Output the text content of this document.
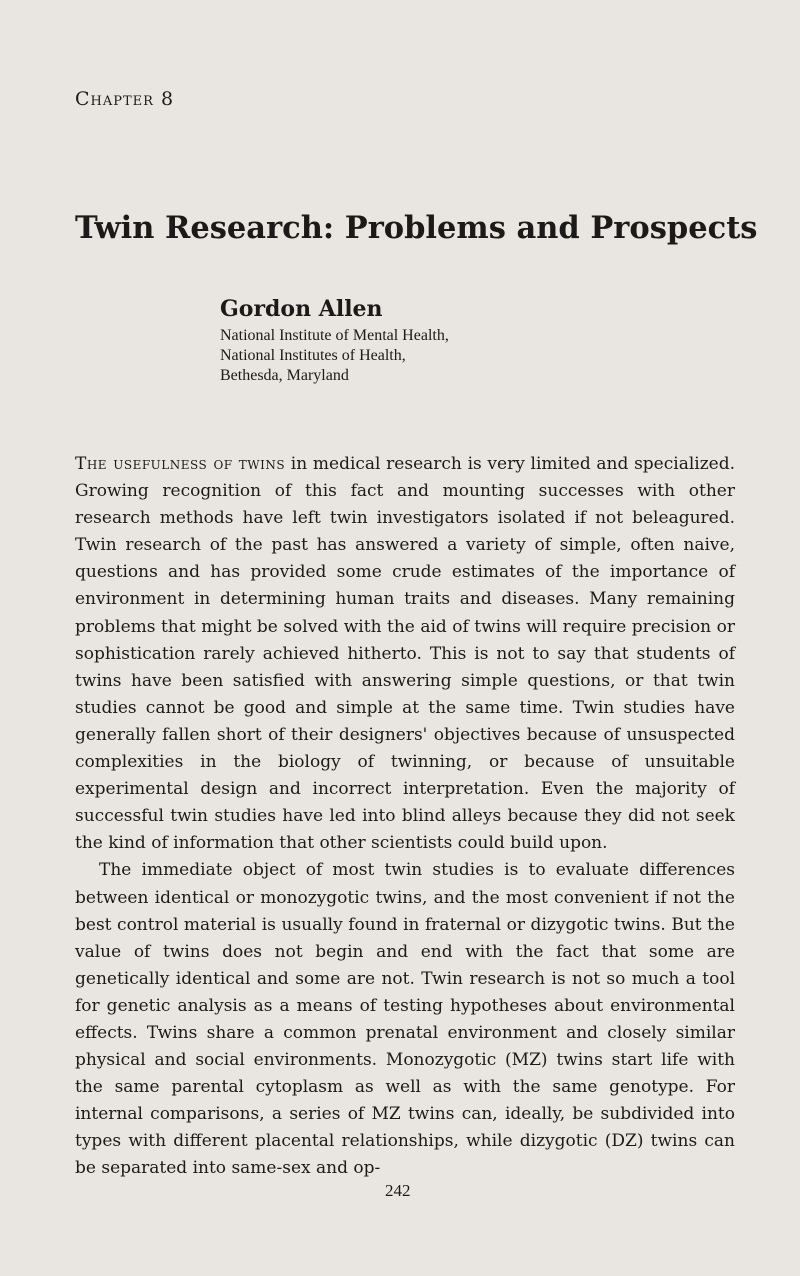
Chapter 8

Twin Research: Problems and Prospects

Gordon Allen

National Institute of Mental Health,

National Institutes of Health,

Bethesda, Maryland

The usefulness of twins in medical research is very limited and specialized. Growing recognition of this fact and mounting successes with other research methods have left twin investigators isolated if not beleagured. Twin research of the past has answered a variety of simple, often naive, questions and has provided some crude estimates of the importance of environment in determining human traits and diseases. Many remaining problems that might be solved with the aid of twins will require precision or sophistication rarely achieved hitherto. This is not to say that students of twins have been satisfied with answering simple questions, or that twin studies cannot be good and simple at the same time. Twin studies have generally fallen short of their designers' objectives because of unsuspected complexities in the biology of twinning, or because of unsuitable experimental design and incorrect interpretation. Even the majority of successful twin studies have led into blind alleys because they did not seek the kind of information that other scientists could build upon.

The immediate object of most twin studies is to evaluate differences between identical or monozygotic twins, and the most convenient if not the best control material is usually found in fraternal or dizygotic twins. But the value of twins does not begin and end with the fact that some are genetically identical and some are not. Twin research is not so much a tool for genetic analysis as a means of testing hypotheses about environmental effects. Twins share a common prenatal environment and closely similar physical and social environments. Monozygotic (MZ) twins start life with the same parental cytoplasm as well as with the same genotype. For internal comparisons, a series of MZ twins can, ideally, be subdivided into types with different placental relationships, while dizygotic (DZ) twins can be separated into same-sex and op-

242
